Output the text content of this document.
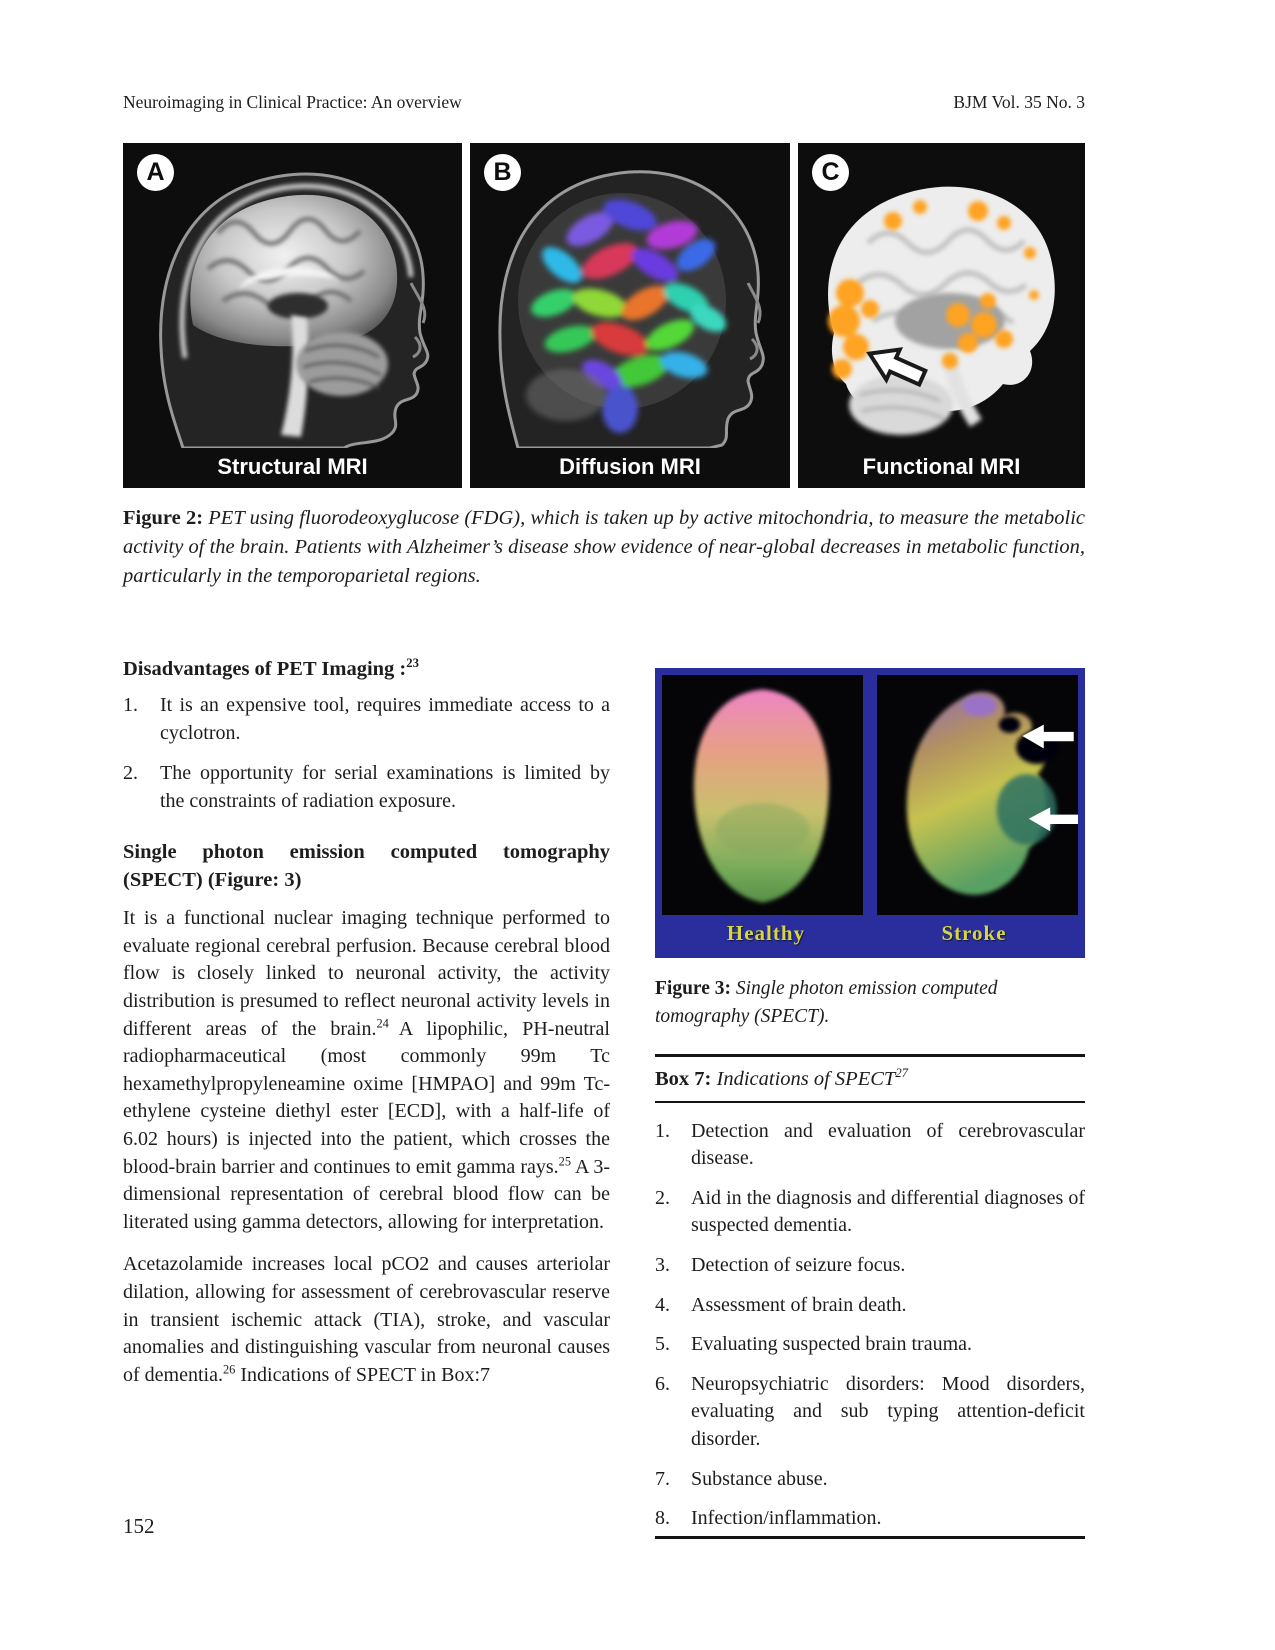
Neuroimaging in Clinical Practice: An overview	BJM Vol. 35 No. 3
A
Structural MRI
B
Diffusion MRI
C
Functional MRI
Figure 2: PET using fluorodeoxyglucose (FDG), which is taken up by active mitochondria, to measure the metabolic activity of the brain. Patients with Alzheimer’s disease show evidence of near-global decreases in metabolic function, particularly in the temporoparietal regions.
Disadvantages of PET Imaging :$^{23}$
1. It is an expensive tool, requires immediate access to a cyclotron.
2. The opportunity for serial examinations is limited by the constraints of radiation exposure.
Single photon emission computed tomography (SPECT) (Figure: 3)

It is a functional nuclear imaging technique performed to evaluate regional cerebral perfusion. Because cerebral blood flow is closely linked to neuronal activity, the activity distribution is presumed to reflect neuronal activity levels in different areas of the brain.$^{24}$ A lipophilic, PH-neutral radiopharmaceutical (most commonly 99m Tc hexamethylpropyleneamine oxime [HMPAO] and 99m Tc-ethylene cysteine diethyl ester [ECD], with a half-life of 6.02 hours) is injected into the patient, which crosses the blood-brain barrier and continues to emit gamma rays.$^{25}$ A 3-dimensional representation of cerebral blood flow can be literated using gamma detectors, allowing for interpretation.

Acetazolamide increases local pCO2 and causes arteriolar dilation, allowing for assessment of cerebrovascular reserve in transient ischemic attack (TIA), stroke, and vascular anomalies and distinguishing vascular from neuronal causes of dementia.$^{26}$ Indications of SPECT in Box:7

Healthy	Stroke
Figure 3: Single photon emission computed tomography (SPECT).
Box 7: Indications of SPECT$^{27}$
1. Detection and evaluation of cerebrovascular disease.
2. Aid in the diagnosis and differential diagnoses of suspected dementia.
3. Detection of seizure focus.
4. Assessment of brain death.
5. Evaluating suspected brain trauma.
6. Neuropsychiatric disorders: Mood disorders, evaluating and sub typing attention-deficit disorder.
7. Substance abuse.
8. Infection/inflammation.
152
